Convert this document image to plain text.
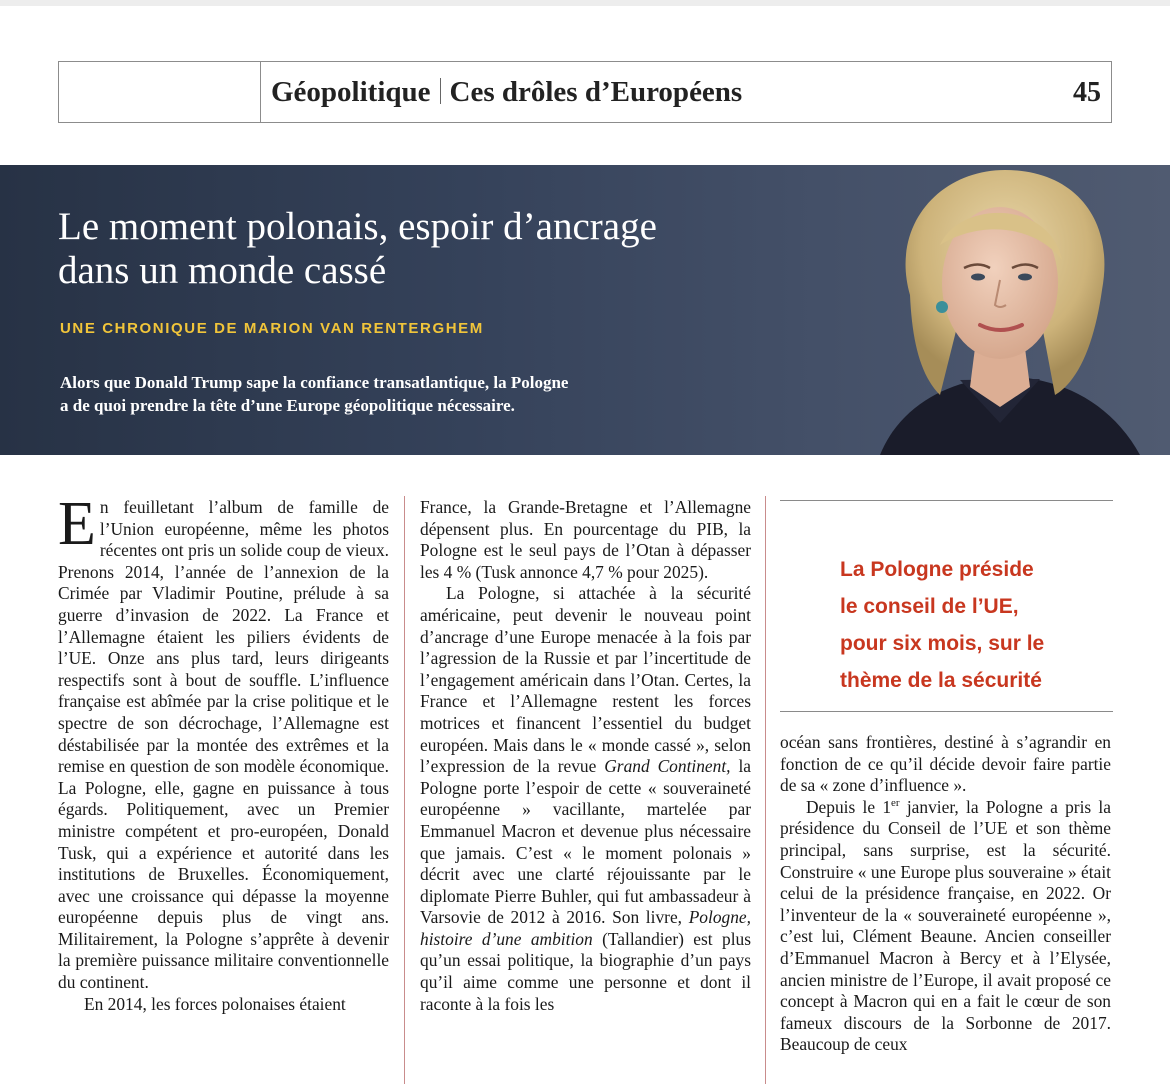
Géopolitique Ces drôles d’Européens	45
Le moment polonais, espoir d’ancrage
dans un monde cassé

UNE CHRONIQUE DE MARION VAN RENTERGHEM

Alors que Donald Trump sape la confiance transatlantique, la Pologne
a de quoi prendre la tête d’une Europe géopolitique nécessaire.

En feuilletant l’album de famille de l’Union européenne, même les photos récentes ont pris un solide coup de vieux. Prenons 2014, l’année de l’annexion de la Crimée par Vladimir Poutine, prélude à sa guerre d’invasion de 2022. La France et l’Allemagne étaient les piliers évidents de l’UE. Onze ans plus tard, leurs dirigeants respectifs sont à bout de souffle. L’influence française est abîmée par la crise politique et le spectre de son décrochage, l’Allemagne est déstabilisée par la montée des extrêmes et la remise en question de son modèle économique. La Pologne, elle, gagne en puissance à tous égards. Politiquement, avec un Premier ministre compétent et pro-européen, Donald Tusk, qui a expérience et autorité dans les institutions de Bruxelles. Économiquement, avec une croissance qui dépasse la moyenne européenne depuis plus de vingt ans. Militairement, la Pologne s’apprête à devenir la première puissance militaire conventionnelle du continent.

En 2014, les forces polonaises étaient

France, la Grande-Bretagne et l’Allemagne dépensent plus. En pourcentage du PIB, la Pologne est le seul pays de l’Otan à dépasser les 4 % (Tusk annonce 4,7 % pour 2025).

La Pologne, si attachée à la sécurité américaine, peut devenir le nouveau point d’ancrage d’une Europe menacée à la fois par l’agression de la Russie et par l’incertitude de l’engagement américain dans l’Otan. Certes, la France et l’Allemagne restent les forces motrices et financent l’essentiel du budget européen. Mais dans le « monde cassé », selon l’expression de la revue Grand Continent, la Pologne porte l’espoir de cette « souveraineté européenne » vacillante, martelée par Emmanuel Macron et devenue plus nécessaire que jamais. C’est « le moment polonais » décrit avec une clarté réjouissante par le diplomate Pierre Buhler, qui fut ambassadeur à Varsovie de 2012 à 2016. Son livre, Pologne, histoire d’une ambition (Tallandier) est plus qu’un essai politique, la biographie d’un pays qu’il aime comme une personne et dont il raconte à la fois les

La Pologne préside
le conseil de l’UE,
pour six mois, sur le
thème de la sécurité

océan sans frontières, destiné à s’agrandir en fonction de ce qu’il décide devoir faire partie de sa « zone d’influence ».

Depuis le 1er janvier, la Pologne a pris la présidence du Conseil de l’UE et son thème principal, sans surprise, est la sécurité. Construire « une Europe plus souveraine » était celui de la présidence française, en 2022. Or l’inventeur de la « souveraineté européenne », c’est lui, Clément Beaune. Ancien conseiller d’Emmanuel Macron à Bercy et à l’Elysée, ancien ministre de l’Europe, il avait proposé ce concept à Macron qui en a fait le cœur de son fameux discours de la Sorbonne de 2017. Beaucoup de ceux
